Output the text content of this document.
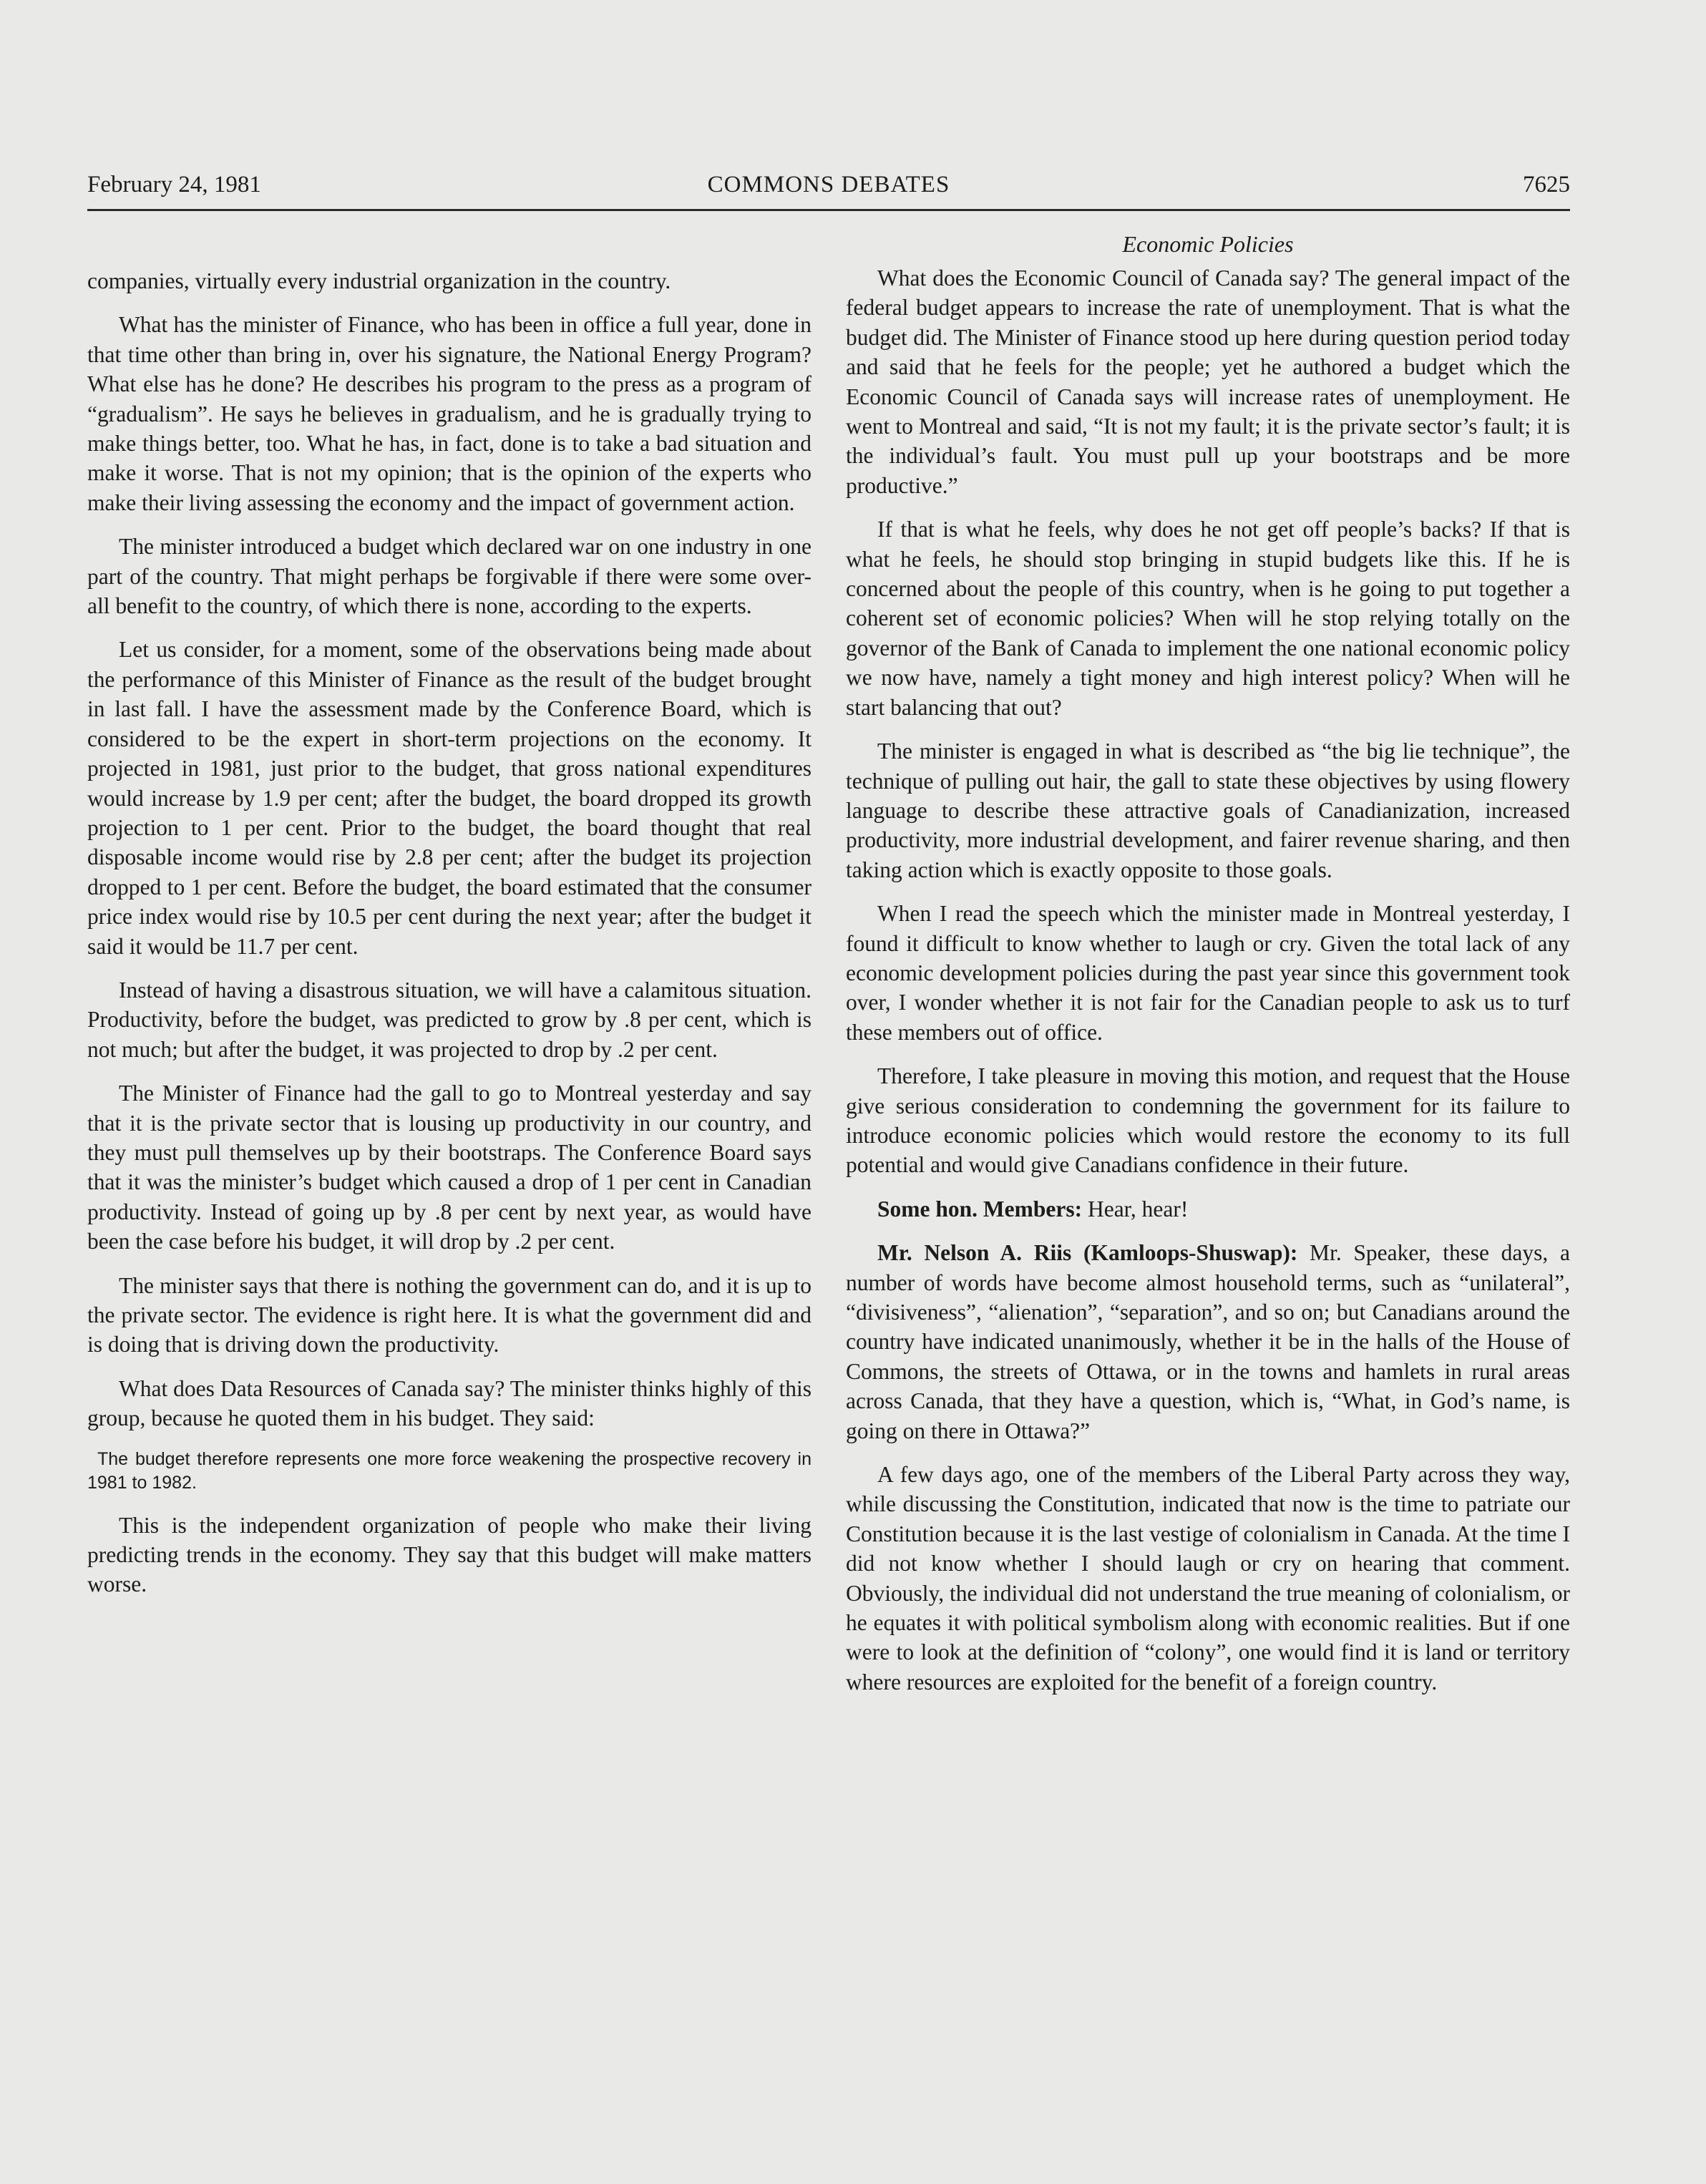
February 24, 1981	COMMONS DEBATES	7625

companies, virtually every industrial organization in the country.

What has the minister of Finance, who has been in office a full year, done in that time other than bring in, over his signature, the National Energy Program? What else has he done? He describes his program to the press as a program of “gradualism”. He says he believes in gradualism, and he is gradually trying to make things better, too. What he has, in fact, done is to take a bad situation and make it worse. That is not my opinion; that is the opinion of the experts who make their living assessing the economy and the impact of government action.

The minister introduced a budget which declared war on one industry in one part of the country. That might perhaps be forgivable if there were some over-all benefit to the country, of which there is none, according to the experts.

Let us consider, for a moment, some of the observations being made about the performance of this Minister of Finance as the result of the budget brought in last fall. I have the assessment made by the Conference Board, which is considered to be the expert in short-term projections on the economy. It projected in 1981, just prior to the budget, that gross national expenditures would increase by 1.9 per cent; after the budget, the board dropped its growth projection to 1 per cent. Prior to the budget, the board thought that real disposable income would rise by 2.8 per cent; after the budget its projection dropped to 1 per cent. Before the budget, the board estimated that the consumer price index would rise by 10.5 per cent during the next year; after the budget it said it would be 11.7 per cent.

Instead of having a disastrous situation, we will have a calamitous situation. Productivity, before the budget, was predicted to grow by .8 per cent, which is not much; but after the budget, it was projected to drop by .2 per cent.

The Minister of Finance had the gall to go to Montreal yesterday and say that it is the private sector that is lousing up productivity in our country, and they must pull themselves up by their bootstraps. The Conference Board says that it was the minister’s budget which caused a drop of 1 per cent in Canadian productivity. Instead of going up by .8 per cent by next year, as would have been the case before his budget, it will drop by .2 per cent.

The minister says that there is nothing the government can do, and it is up to the private sector. The evidence is right here. It is what the government did and is doing that is driving down the productivity.

What does Data Resources of Canada say? The minister thinks highly of this group, because he quoted them in his budget. They said:

The budget therefore represents one more force weakening the prospective recovery in 1981 to 1982.

This is the independent organization of people who make their living predicting trends in the economy. They say that this budget will make matters worse.

Economic Policies

What does the Economic Council of Canada say? The general impact of the federal budget appears to increase the rate of unemployment. That is what the budget did. The Minister of Finance stood up here during question period today and said that he feels for the people; yet he authored a budget which the Economic Council of Canada says will increase rates of unemployment. He went to Montreal and said, “It is not my fault; it is the private sector’s fault; it is the individual’s fault. You must pull up your bootstraps and be more productive.”

If that is what he feels, why does he not get off people’s backs? If that is what he feels, he should stop bringing in stupid budgets like this. If he is concerned about the people of this country, when is he going to put together a coherent set of economic policies? When will he stop relying totally on the governor of the Bank of Canada to implement the one national economic policy we now have, namely a tight money and high interest policy? When will he start balancing that out?

The minister is engaged in what is described as “the big lie technique”, the technique of pulling out hair, the gall to state these objectives by using flowery language to describe these attractive goals of Canadianization, increased productivity, more industrial development, and fairer revenue sharing, and then taking action which is exactly opposite to those goals.

When I read the speech which the minister made in Montreal yesterday, I found it difficult to know whether to laugh or cry. Given the total lack of any economic development policies during the past year since this government took over, I wonder whether it is not fair for the Canadian people to ask us to turf these members out of office.

Therefore, I take pleasure in moving this motion, and request that the House give serious consideration to condemning the government for its failure to introduce economic policies which would restore the economy to its full potential and would give Canadians confidence in their future.

Some hon. Members: Hear, hear!

Mr. Nelson A. Riis (Kamloops-Shuswap): Mr. Speaker, these days, a number of words have become almost household terms, such as “unilateral”, “divisiveness”, “alienation”, “separation”, and so on; but Canadians around the country have indicated unanimously, whether it be in the halls of the House of Commons, the streets of Ottawa, or in the towns and hamlets in rural areas across Canada, that they have a question, which is, “What, in God’s name, is going on there in Ottawa?”

A few days ago, one of the members of the Liberal Party across they way, while discussing the Constitution, indicated that now is the time to patriate our Constitution because it is the last vestige of colonialism in Canada. At the time I did not know whether I should laugh or cry on hearing that comment. Obviously, the individual did not understand the true meaning of colonialism, or he equates it with political symbolism along with economic realities. But if one were to look at the definition of “colony”, one would find it is land or territory where resources are exploited for the benefit of a foreign country.
